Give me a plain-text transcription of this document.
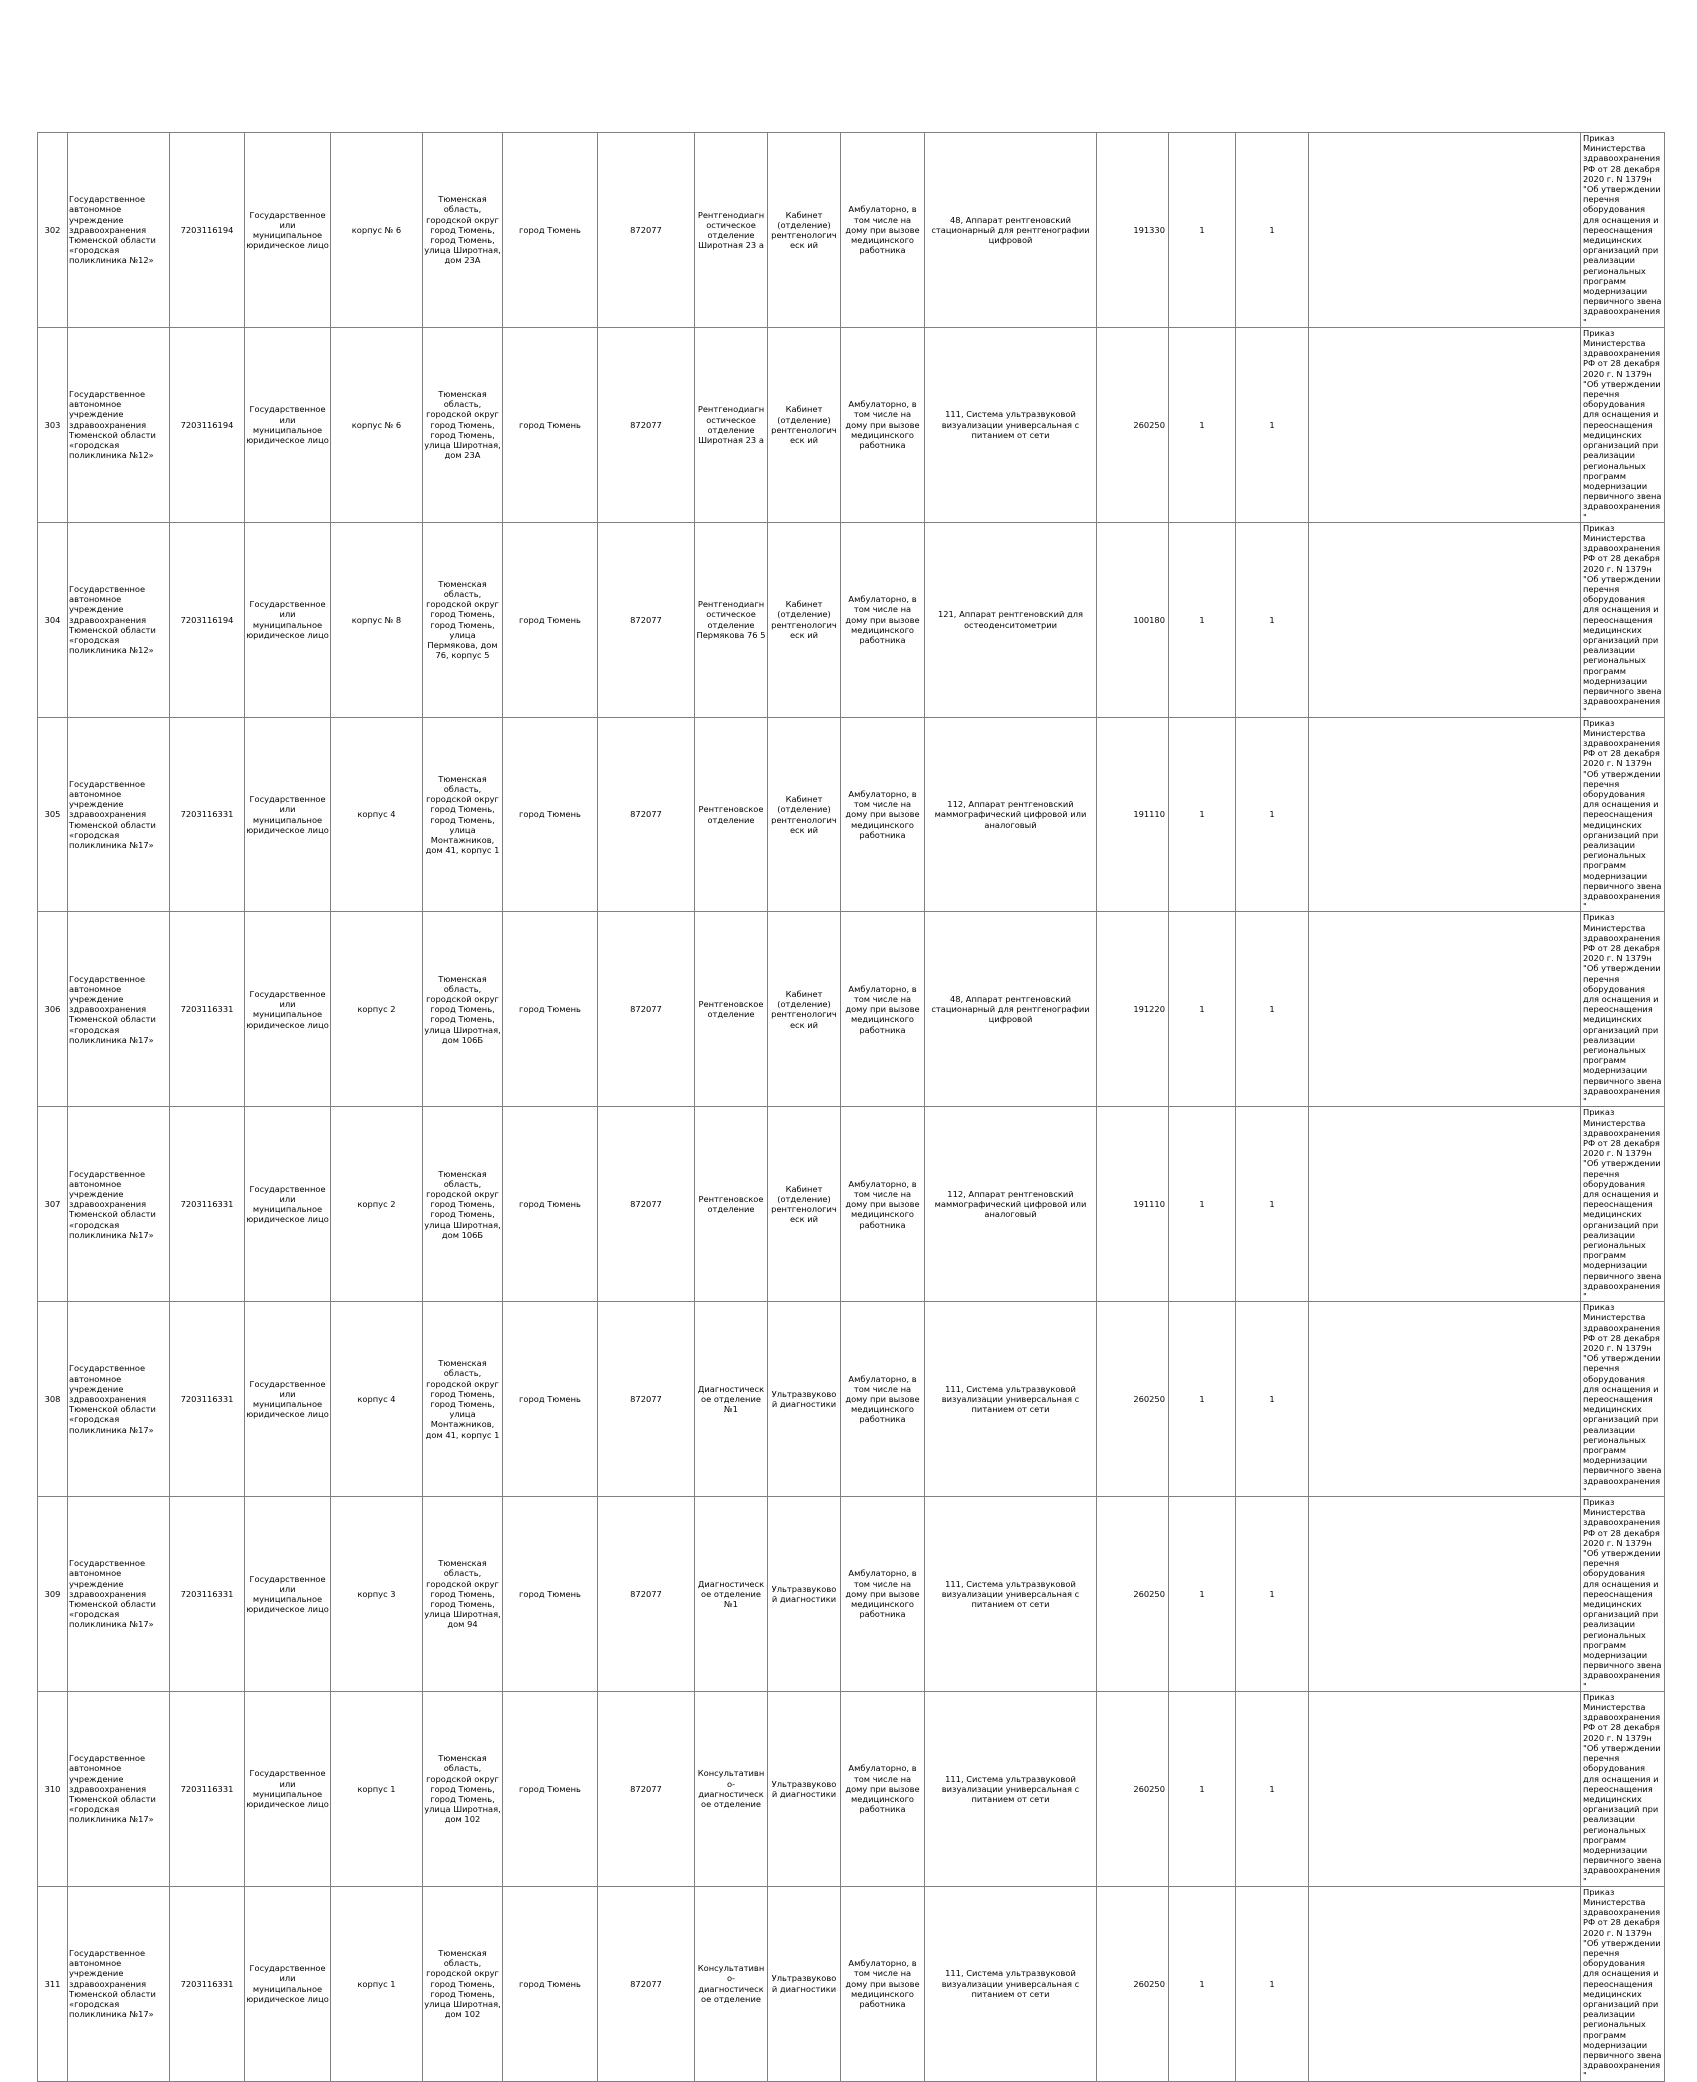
302	Государственное автономное учреждение здравоохранения Тюменской области «городская поликлиника №12»	7203116194	Государственное или муниципальное юридическое лицо	корпус № 6	Тюменская область, городской округ город Тюмень, город Тюмень, улица Широтная, дом 23А	город Тюмень	872077	Рентгенодиагностическое отделение Широтная 23 а	Кабинет (отделение) рентгенологическ ий	Амбулаторно, в том числе на дому при вызове медицинского работника	48, Аппарат рентгеновский стационарный для рентгенографии цифровой	191330	1	1		Приказ Министерства здравоохранения РФ от 28 декабря 2020 г. N 1379н "Об утверждении перечня оборудования для оснащения и переоснащения медицинских организаций при реализации региональных программ модернизации первичного звена здравоохранения"	
303	Государственное автономное учреждение здравоохранения Тюменской области «городская поликлиника №12»	7203116194	Государственное или муниципальное юридическое лицо	корпус № 6	Тюменская область, городской округ город Тюмень, город Тюмень, улица Широтная, дом 23А	город Тюмень	872077	Рентгенодиагностическое отделение Широтная 23 а	Кабинет (отделение) рентгенологическ ий	Амбулаторно, в том числе на дому при вызове медицинского работника	111, Система ультразвуковой визуализации универсальная с питанием от сети	260250	1	1		Приказ Министерства здравоохранения РФ от 28 декабря 2020 г. N 1379н "Об утверждении перечня оборудования для оснащения и переоснащения медицинских организаций при реализации региональных программ модернизации первичного звена здравоохранения"	
304	Государственное автономное учреждение здравоохранения Тюменской области «городская поликлиника №12»	7203116194	Государственное или муниципальное юридическое лицо	корпус № 8	Тюменская область, городской округ город Тюмень, город Тюмень, улица Пермякова, дом 76, корпус 5	город Тюмень	872077	Рентгенодиагностическое отделение Пермякова 76 5	Кабинет (отделение) рентгенологическ ий	Амбулаторно, в том числе на дому при вызове медицинского работника	121, Аппарат рентгеновский для остеоденситометрии	100180	1	1		Приказ Министерства здравоохранения РФ от 28 декабря 2020 г. N 1379н "Об утверждении перечня оборудования для оснащения и переоснащения медицинских организаций при реализации региональных программ модернизации первичного звена здравоохранения"	
305	Государственное автономное учреждение здравоохранения Тюменской области «городская поликлиника №17»	7203116331	Государственное или муниципальное юридическое лицо	корпус 4	Тюменская область, городской округ город Тюмень, город Тюмень, улица Монтажников, дом 41, корпус 1	город Тюмень	872077	Рентгеновское отделение	Кабинет (отделение) рентгенологическ ий	Амбулаторно, в том числе на дому при вызове медицинского работника	112, Аппарат рентгеновский маммографический цифровой или аналоговый	191110	1	1		Приказ Министерства здравоохранения РФ от 28 декабря 2020 г. N 1379н "Об утверждении перечня оборудования для оснащения и переоснащения медицинских организаций при реализации региональных программ модернизации первичного звена здравоохранения"	
306	Государственное автономное учреждение здравоохранения Тюменской области «городская поликлиника №17»	7203116331	Государственное или муниципальное юридическое лицо	корпус 2	Тюменская область, городской округ город Тюмень, город Тюмень, улица Широтная, дом 106Б	город Тюмень	872077	Рентгеновское отделение	Кабинет (отделение) рентгенологическ ий	Амбулаторно, в том числе на дому при вызове медицинского работника	48, Аппарат рентгеновский стационарный для рентгенографии цифровой	191220	1	1		Приказ Министерства здравоохранения РФ от 28 декабря 2020 г. N 1379н "Об утверждении перечня оборудования для оснащения и переоснащения медицинских организаций при реализации региональных программ модернизации первичного звена здравоохранения"	
307	Государственное автономное учреждение здравоохранения Тюменской области «городская поликлиника №17»	7203116331	Государственное или муниципальное юридическое лицо	корпус 2	Тюменская область, городской округ город Тюмень, город Тюмень, улица Широтная, дом 106Б	город Тюмень	872077	Рентгеновское отделение	Кабинет (отделение) рентгенологическ ий	Амбулаторно, в том числе на дому при вызове медицинского работника	112, Аппарат рентгеновский маммографический цифровой или аналоговый	191110	1	1		Приказ Министерства здравоохранения РФ от 28 декабря 2020 г. N 1379н "Об утверждении перечня оборудования для оснащения и переоснащения медицинских организаций при реализации региональных программ модернизации первичного звена здравоохранения"	
308	Государственное автономное учреждение здравоохранения Тюменской области «городская поликлиника №17»	7203116331	Государственное или муниципальное юридическое лицо	корпус 4	Тюменская область, городской округ город Тюмень, город Тюмень, улица Монтажников, дом 41, корпус 1	город Тюмень	872077	Диагностическое отделение №1	Ультразвуковой диагностики	Амбулаторно, в том числе на дому при вызове медицинского работника	111, Система ультразвуковой визуализации универсальная с питанием от сети	260250	1	1		Приказ Министерства здравоохранения РФ от 28 декабря 2020 г. N 1379н "Об утверждении перечня оборудования для оснащения и переоснащения медицинских организаций при реализации региональных программ модернизации первичного звена здравоохранения"	
309	Государственное автономное учреждение здравоохранения Тюменской области «городская поликлиника №17»	7203116331	Государственное или муниципальное юридическое лицо	корпус 3	Тюменская область, городской округ город Тюмень, город Тюмень, улица Широтная, дом 94	город Тюмень	872077	Диагностическое отделение №1	Ультразвуковой диагностики	Амбулаторно, в том числе на дому при вызове медицинского работника	111, Система ультразвуковой визуализации универсальная с питанием от сети	260250	1	1		Приказ Министерства здравоохранения РФ от 28 декабря 2020 г. N 1379н "Об утверждении перечня оборудования для оснащения и переоснащения медицинских организаций при реализации региональных программ модернизации первичного звена здравоохранения"	
310	Государственное автономное учреждение здравоохранения Тюменской области «городская поликлиника №17»	7203116331	Государственное или муниципальное юридическое лицо	корпус 1	Тюменская область, городской округ город Тюмень, город Тюмень, улица Широтная, дом 102	город Тюмень	872077	Консультативно-диагностическое отделение	Ультразвуковой диагностики	Амбулаторно, в том числе на дому при вызове медицинского работника	111, Система ультразвуковой визуализации универсальная с питанием от сети	260250	1	1		Приказ Министерства здравоохранения РФ от 28 декабря 2020 г. N 1379н "Об утверждении перечня оборудования для оснащения и переоснащения медицинских организаций при реализации региональных программ модернизации первичного звена здравоохранения"	
311	Государственное автономное учреждение здравоохранения Тюменской области «городская поликлиника №17»	7203116331	Государственное или муниципальное юридическое лицо	корпус 1	Тюменская область, городской округ город Тюмень, город Тюмень, улица Широтная, дом 102	город Тюмень	872077	Консультативно-диагностическое отделение	Ультразвуковой диагностики	Амбулаторно, в том числе на дому при вызове медицинского работника	111, Система ультразвуковой визуализации универсальная с питанием от сети	260250	1	1		Приказ Министерства здравоохранения РФ от 28 декабря 2020 г. N 1379н "Об утверждении перечня оборудования для оснащения и переоснащения медицинских организаций при реализации региональных программ модернизации первичного звена здравоохранения"	
